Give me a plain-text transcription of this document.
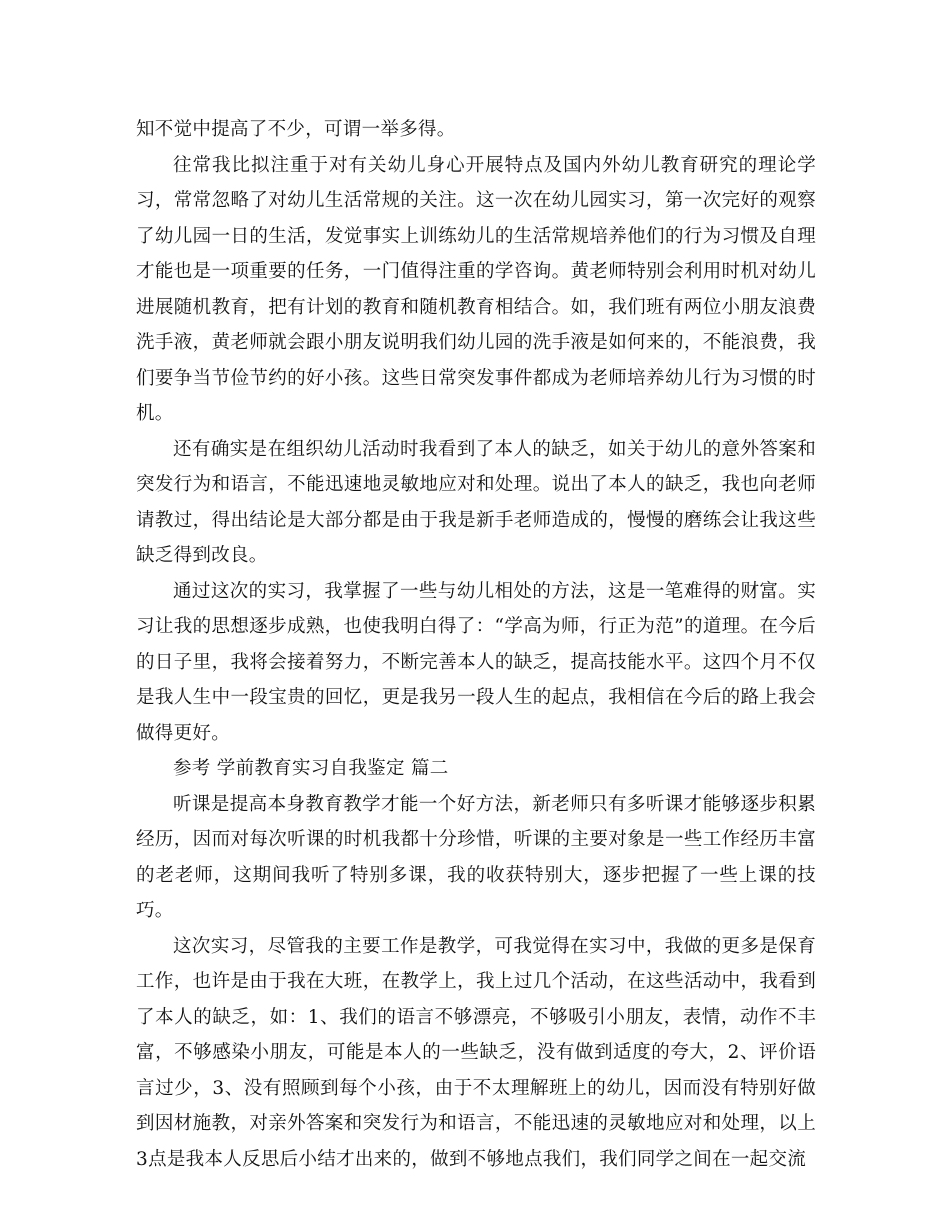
知不觉中提高了不少，可谓一举多得。

往常我比拟注重于对有关幼儿身心开展特点及国内外幼儿教育研究的理论学习，常常忽略了对幼儿生活常规的关注。这一次在幼儿园实习，第一次完好的观察了幼儿园一日的生活，发觉事实上训练幼儿的生活常规培养他们的行为习惯及自理才能也是一项重要的任务，一门值得注重的学咨询。黄老师特别会利用时机对幼儿进展随机教育，把有计划的教育和随机教育相结合。如，我们班有两位小朋友浪费洗手液，黄老师就会跟小朋友说明我们幼儿园的洗手液是如何来的，不能浪费，我们要争当节俭节约的好小孩。这些日常突发事件都成为老师培养幼儿行为习惯的时机。

还有确实是在组织幼儿活动时我看到了本人的缺乏，如关于幼儿的意外答案和突发行为和语言，不能迅速地灵敏地应对和处理。说出了本人的缺乏，我也向老师请教过，得出结论是大部分都是由于我是新手老师造成的，慢慢的磨练会让我这些缺乏得到改良。

通过这次的实习，我掌握了一些与幼儿相处的方法，这是一笔难得的财富。实习让我的思想逐步成熟，也使我明白得了：“学高为师，行正为范”的道理。在今后的日子里，我将会接着努力，不断完善本人的缺乏，提高技能水平。这四个月不仅是我人生中一段宝贵的回忆，更是我另一段人生的起点，我相信在今后的路上我会做得更好。

参考 学前教育实习自我鉴定 篇二

听课是提高本身教育教学才能一个好方法，新老师只有多听课才能够逐步积累经历，因而对每次听课的时机我都十分珍惜，听课的主要对象是一些工作经历丰富的老老师，这期间我听了特别多课，我的收获特别大，逐步把握了一些上课的技巧。

这次实习，尽管我的主要工作是教学，可我觉得在实习中，我做的更多是保育工作，也许是由于我在大班，在教学上，我上过几个活动，在这些活动中，我看到了本人的缺乏，如：1、我们的语言不够漂亮，不够吸引小朋友，表情，动作不丰富，不够感染小朋友，可能是本人的一些缺乏，没有做到适度的夸大，2、评价语言过少，3、没有照顾到每个小孩，由于不太理解班上的幼儿，因而没有特别好做到因材施教，对亲外答案和突发行为和语言，不能迅速的灵敏地应对和处理，以上3点是我本人反思后小结才出来的，做到不够地点我们，我们同学之间在一起交流
